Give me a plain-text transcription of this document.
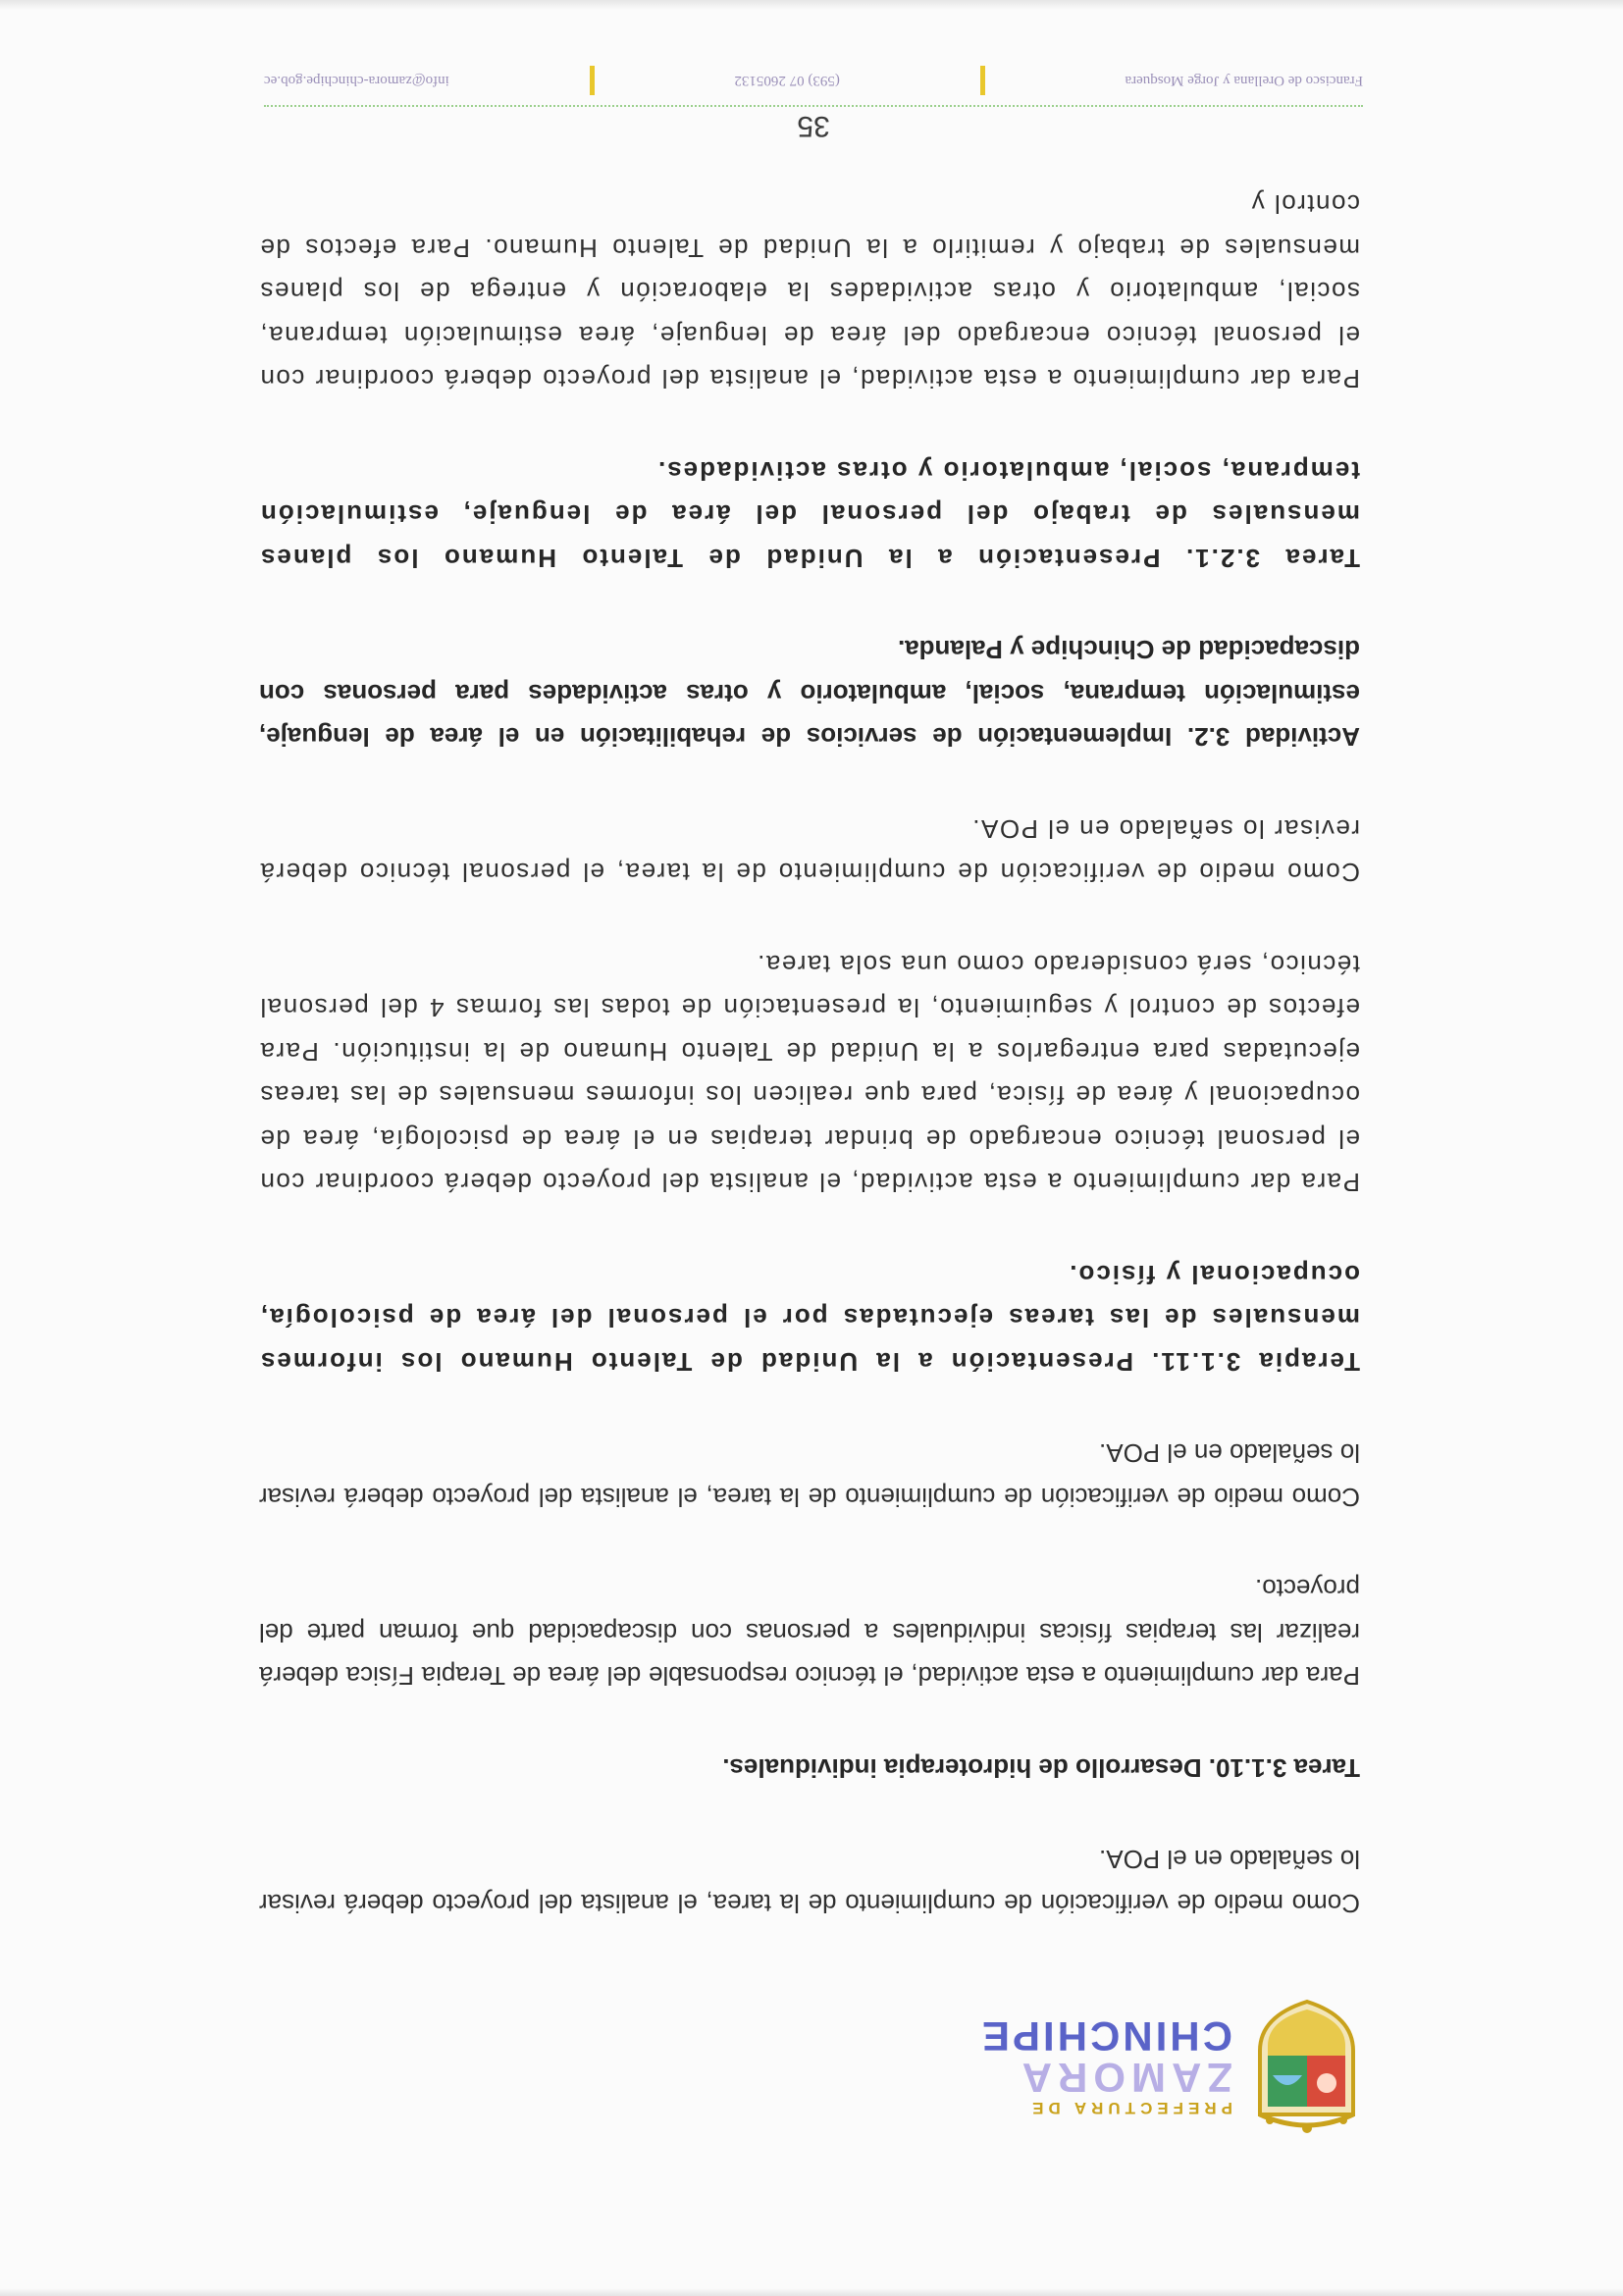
PREFECTURA DE
ZAMORA
CHINCHIPE

Como medio de verificación de cumplimiento de la tarea, el analista del proyecto deberá revisar lo señalado en el POA.

Tarea 3.1.10. Desarrollo de hidroterapia individuales.

Para dar cumplimiento a esta actividad, el técnico responsable del área de Terapia Física deberá realizar las terapias físicas individuales a personas con discapacidad que forman parte del proyecto.

Como medio de verificación de cumplimiento de la tarea, el analista del proyecto deberá revisar lo señalado en el POA.

Terapia 3.1.11. Presentación a la Unidad de Talento Humano los informes mensuales de las tareas ejecutadas por el personal del área de psicología, ocupacional y físico.

Para dar cumplimiento a esta actividad, el analista del proyecto deberá coordinar con el personal técnico encargado de brindar terapias en el área de psicología, área de ocupacional y área de física, para que realicen los informes mensuales de las tareas ejecutadas para entregarlos a la Unidad de Talento Humano de la institución. Para efectos de control y seguimiento, la presentación de todas las formas 4 del personal técnico, será considerado como una sola tarea.

Como medio de verificación de cumplimiento de la tarea, el personal técnico deberá revisar lo señalado en el POA.

Actividad 3.2. Implementación de servicios de rehabilitación en el área de lenguaje, estimulación temprana, social, ambulatorio y otras actividades para personas con discapacidad de Chinchipe y Palanda.

Tarea 3.2.1. Presentación a la Unidad de Talento Humano los planes mensuales de trabajo del personal del área de lenguaje, estimulación temprana, social, ambulatorio y otras actividades.

Para dar cumplimiento a esta actividad, el analista del proyecto deberá coordinar con el personal técnico encargado del área de lenguaje, área estimulación temprana, social, ambulatorio y otras actividades la elaboración y entrega de los planes mensuales de trabajo y remitirlo a la Unidad de Talento Humano. Para efectos de control y

35
Francisco de Orellana y Jorge Mosquera
(593) 07 2605132
info@zamora-chinchipe.gob.ec
